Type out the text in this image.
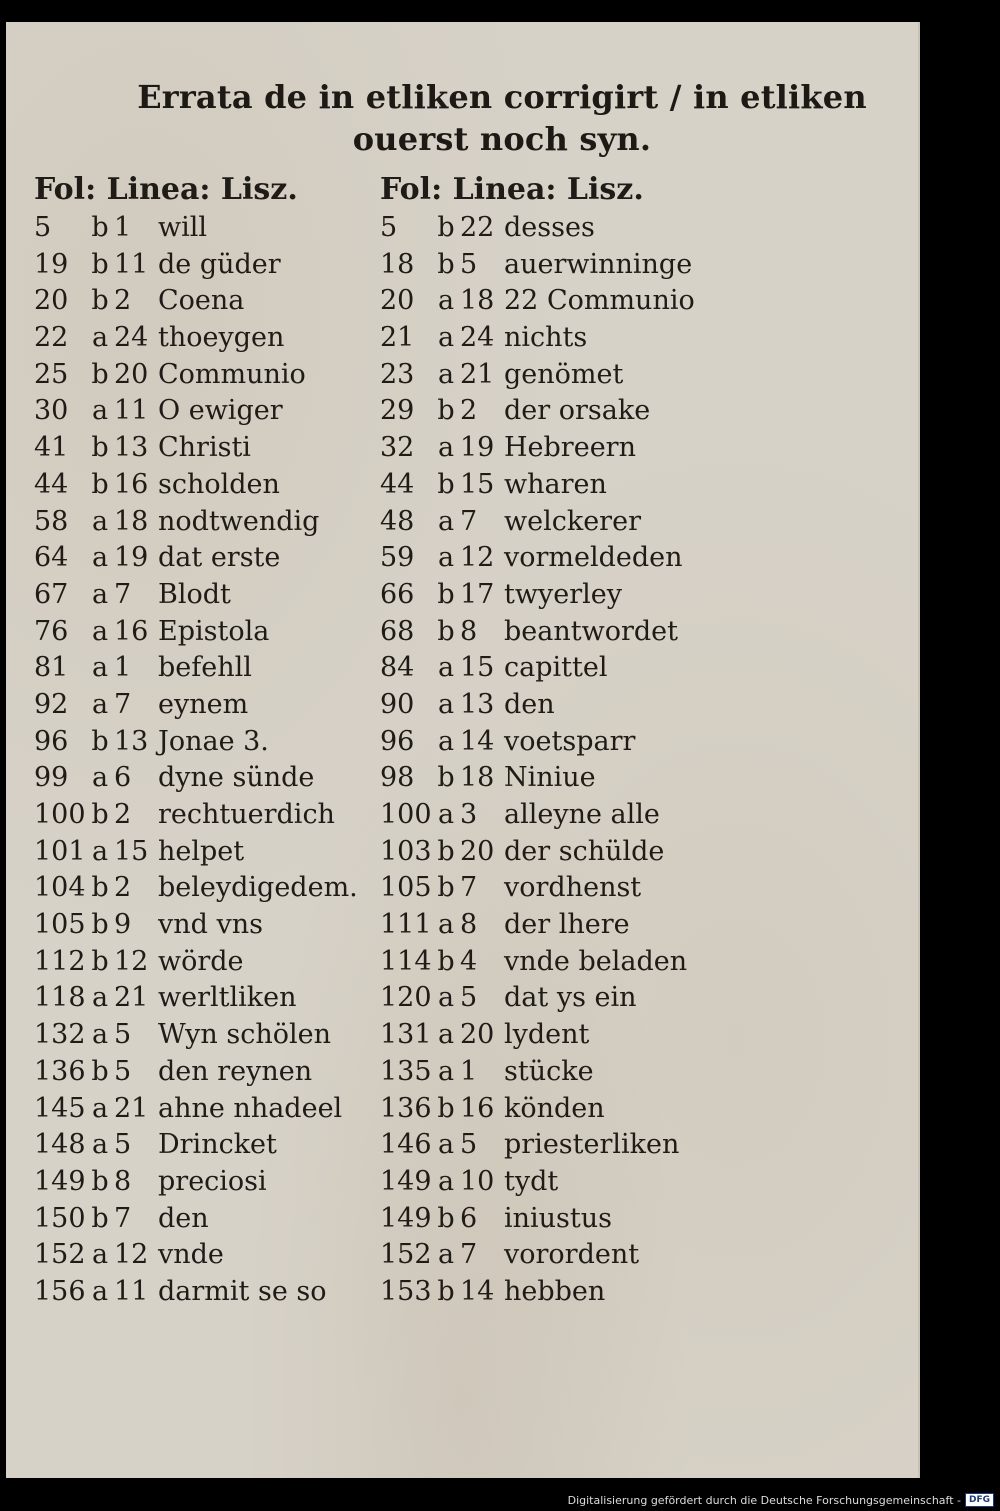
Errata de in etliken corrigirt / in etliken
ouerst noch syn.
Fol: Linea: Lisz.
5	b 1 will
19 b 11 de güder
20 b 2 Coena
22 a 24 thoeygen
25 b 20 Communio
30 a 11 O ewiger
41 b 13 Christi
44 b 16 scholden
58 a 18 nodtwendig
64 a 19 dat erste
67 a 7 Blodt
76 a 16 Epistola
81 a 1 befehll
92 a 7 eynem
96 b 13 Jonae 3.
99 a 6 dyne sünde
100 b 2 rechtuerdich
101 a 15 helpet
104 b 2 beleydigedem.
105 b 9 vnd vns
112 b 12 wörde
118 a 21 werltliken
132 a 5 Wyn schölen
136 b 5 den reynen
145 a 21 ahne nhadeel
148 a 5 Drincket
149 b 8 preciosi
150 b 7 den
152 a 12 vnde
156 a 11 darmit se so
Fol: Linea: Lisz.
5	b 22 desses
18 b 5 auerwinninge
20 a 18 22 Communio
21 a 24 nichts
23 a 21 genömet
29 b 2 der orsake
32 a 19 Hebreern
44 b 15 wharen
48 a 7 welckerer
59 a 12 vormeldeden
66 b 17 twyerley
68 b 8 beantwordet
84 a 15 capittel
90 a 13 den
96 a 14 voetsparr
98 b 18 Niniue
100 a 3 alleyne alle
103 b 20 der schülde
105 b 7 vordhenst
111 a 8 der lhere
114 b 4 vnde beladen
120 a 5 dat ys ein
131 a 20 lydent
135 a 1 stücke
136 b 16 könden
146 a 5 priesterliken
149 a 10 tydt
149 b 6 iniustus
152 a 7 vorordent
153 b 14 hebben
Digitalisierung gefördert durch die Deutsche Forschungsgemeinschaft - DFG
